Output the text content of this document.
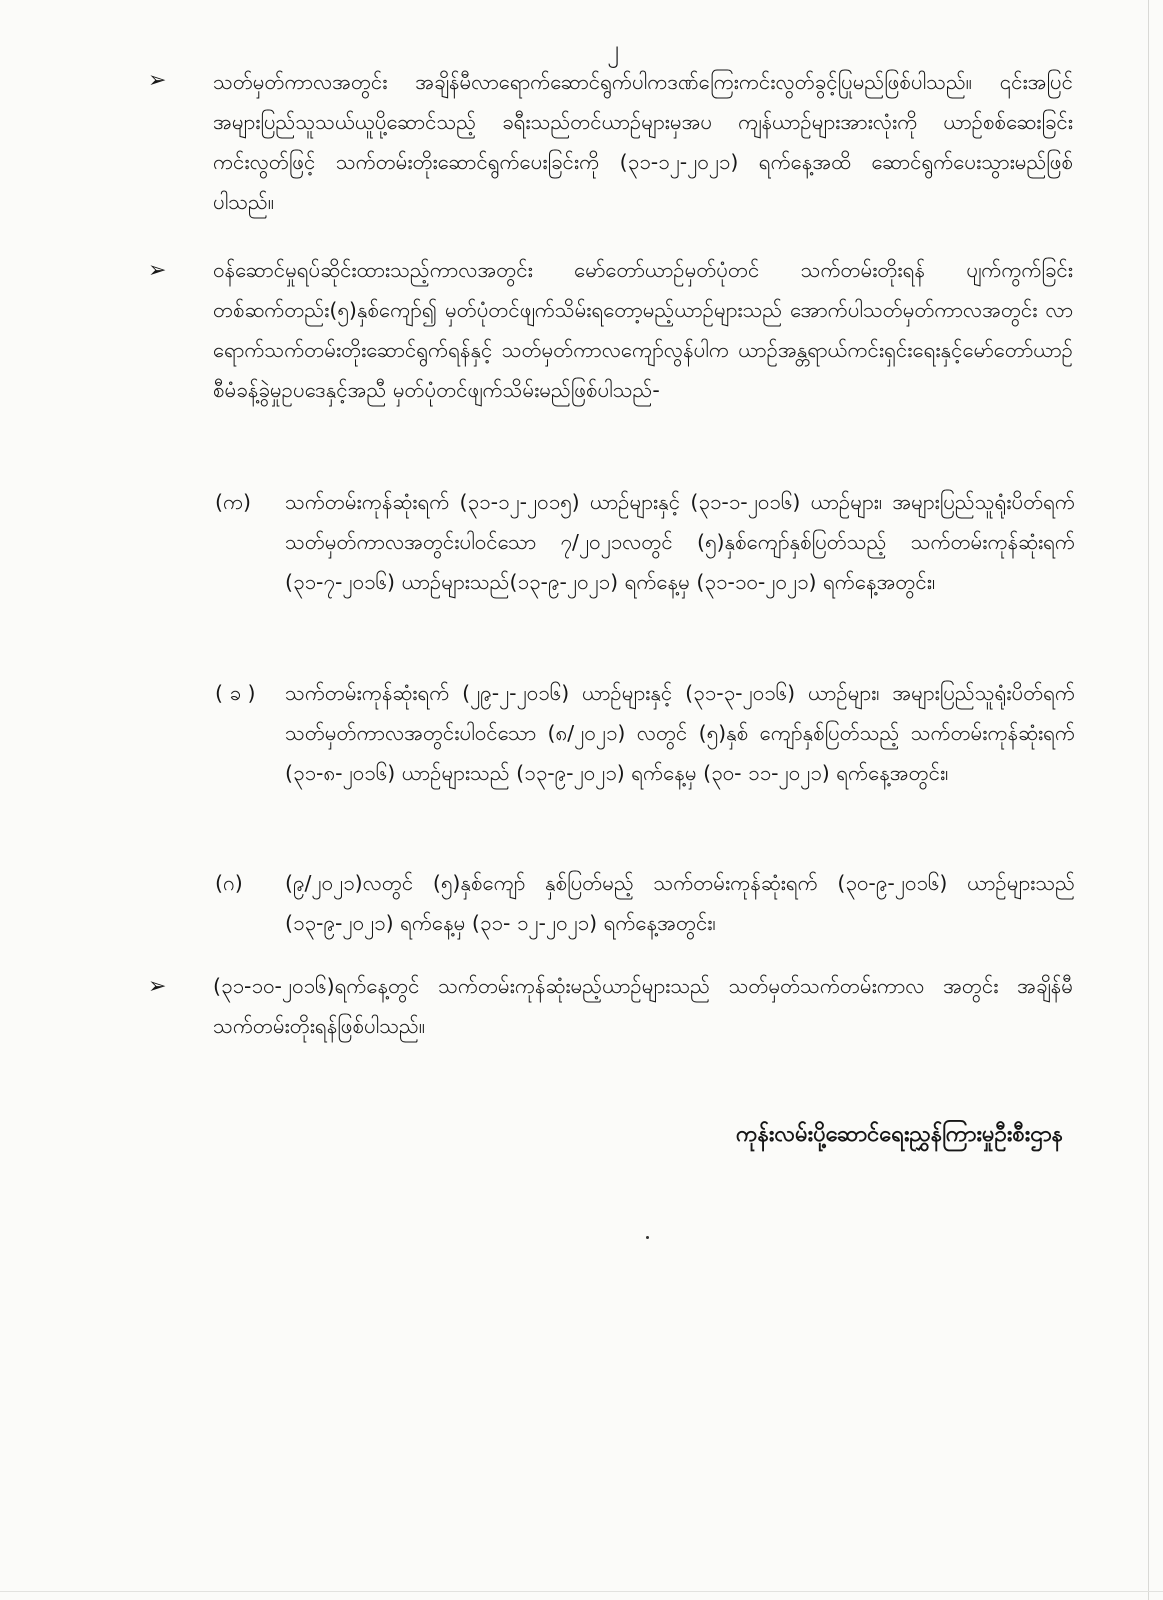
၂
➢	သတ်မှတ်ကာလအတွင်း အချိန်မီလာရောက်ဆောင်ရွက်ပါကဒဏ်ကြေးကင်းလွတ်ခွင့်ပြုမည်ဖြစ်ပါသည်။ ၎င်းအပြင် အများပြည်သူသယ်ယူပို့ဆောင်သည့် ခရီးသည်တင်ယာဉ်များမှအပ ကျန်ယာဉ်များအားလုံးကို ယာဉ်စစ်ဆေးခြင်းကင်းလွတ်ဖြင့် သက်တမ်းတိုးဆောင်ရွက်ပေးခြင်းကို (၃၁-၁၂-၂၀၂၁) ရက်နေ့အထိ ဆောင်ရွက်ပေးသွားမည်ဖြစ်ပါသည်။
➢	ဝန်ဆောင်မှုရပ်ဆိုင်းထားသည့်ကာလအတွင်း မော်တော်ယာဉ်မှတ်ပုံတင် သက်တမ်းတိုးရန် ပျက်ကွက်ခြင်း တစ်ဆက်တည်း(၅)နှစ်ကျော်၍ မှတ်ပုံတင်ဖျက်သိမ်းရတော့မည့်ယာဉ်များသည် အောက်ပါသတ်မှတ်ကာလအတွင်း လာရောက်သက်တမ်းတိုးဆောင်ရွက်ရန်နှင့် သတ်မှတ်ကာလကျော်လွန်ပါက ယာဉ်အန္တရာယ်ကင်းရှင်းရေးနှင့်မော်တော်ယာဉ်စီမံခန့်ခွဲမှုဥပဒေနှင့်အညီ မှတ်ပုံတင်ဖျက်သိမ်းမည်ဖြစ်ပါသည်-
(က)	သက်တမ်းကုန်ဆုံးရက် (၃၁-၁၂-၂၀၁၅) ယာဉ်များနှင့် (၃၁-၁-၂၀၁၆) ယာဉ်များ၊ အများပြည်သူရုံးပိတ်ရက်သတ်မှတ်ကာလအတွင်းပါဝင်သော ၇/၂၀၂၁လတွင် (၅)နှစ်ကျော်နှစ်ပြတ်သည့် သက်တမ်းကုန်ဆုံးရက် (၃၁-၇-၂၀၁၆) ယာဉ်များသည်(၁၃-၉-၂၀၂၁) ရက်နေ့မှ (၃၁-၁၀-၂၀၂၁) ရက်နေ့အတွင်း၊
( ခ )	သက်တမ်းကုန်ဆုံးရက် (၂၉-၂-၂၀၁၆) ယာဉ်များနှင့် (၃၁-၃-၂၀၁၆) ယာဉ်များ၊ အများပြည်သူရုံးပိတ်ရက်သတ်မှတ်ကာလအတွင်းပါဝင်သော (၈/၂၀၂၁) လတွင် (၅)နှစ် ကျော်နှစ်ပြတ်သည့် သက်တမ်းကုန်ဆုံးရက် (၃၁-၈-၂၀၁၆) ယာဉ်များသည် (၁၃-၉-၂၀၂၁) ရက်နေ့မှ (၃၀- ၁၁-၂၀၂၁) ရက်နေ့အတွင်း၊
(ဂ)	(၉/၂၀၂၁)လတွင် (၅)နှစ်ကျော် နှစ်ပြတ်မည့် သက်တမ်းကုန်ဆုံးရက် (၃၀-၉-၂၀၁၆) ယာဉ်များသည် (၁၃-၉-၂၀၂၁) ရက်နေ့မှ (၃၁- ၁၂-၂၀၂၁) ရက်နေ့အတွင်း၊
➢	(၃၁-၁၀-၂၀၁၆)ရက်နေ့တွင် သက်တမ်းကုန်ဆုံးမည့်ယာဉ်များသည် သတ်မှတ်သက်တမ်းကာလ အတွင်း အချိန်မီသက်တမ်းတိုးရန်ဖြစ်ပါသည်။
ကုန်းလမ်းပို့ဆောင်ရေးညွှန်ကြားမှုဦးစီးဌာန
